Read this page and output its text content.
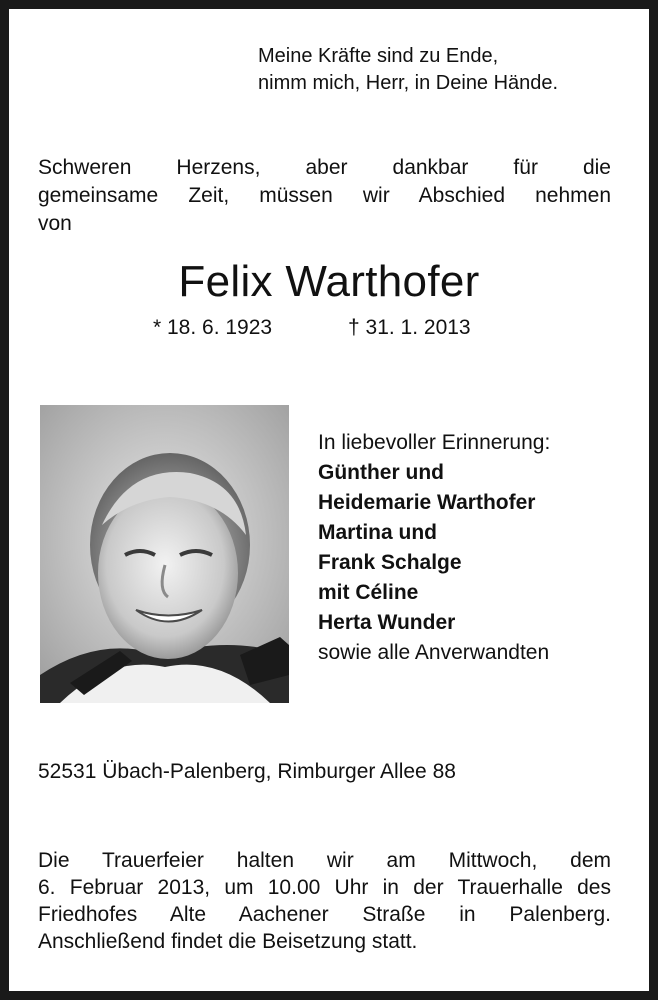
Meine Kräfte sind zu Ende,
nimm mich, Herr, in Deine Hände.
Schweren Herzens, aber dankbar für die
gemeinsame Zeit, müssen wir Abschied nehmen
von
Felix Warthofer
* 18. 6. 1923	† 31. 1. 2013
In liebevoller Erinnerung:
Günther und
Heidemarie Warthofer
Martina und
Frank Schalge
mit Céline
Herta Wunder
sowie alle Anverwandten
52531 Übach-Palenberg, Rimburger Allee 88
Die Trauerfeier halten wir am Mittwoch, dem
6. Februar 2013, um 10.00 Uhr in der Trauerhalle des
Friedhofes Alte Aachener Straße in Palenberg.
Anschließend findet die Beisetzung statt.
